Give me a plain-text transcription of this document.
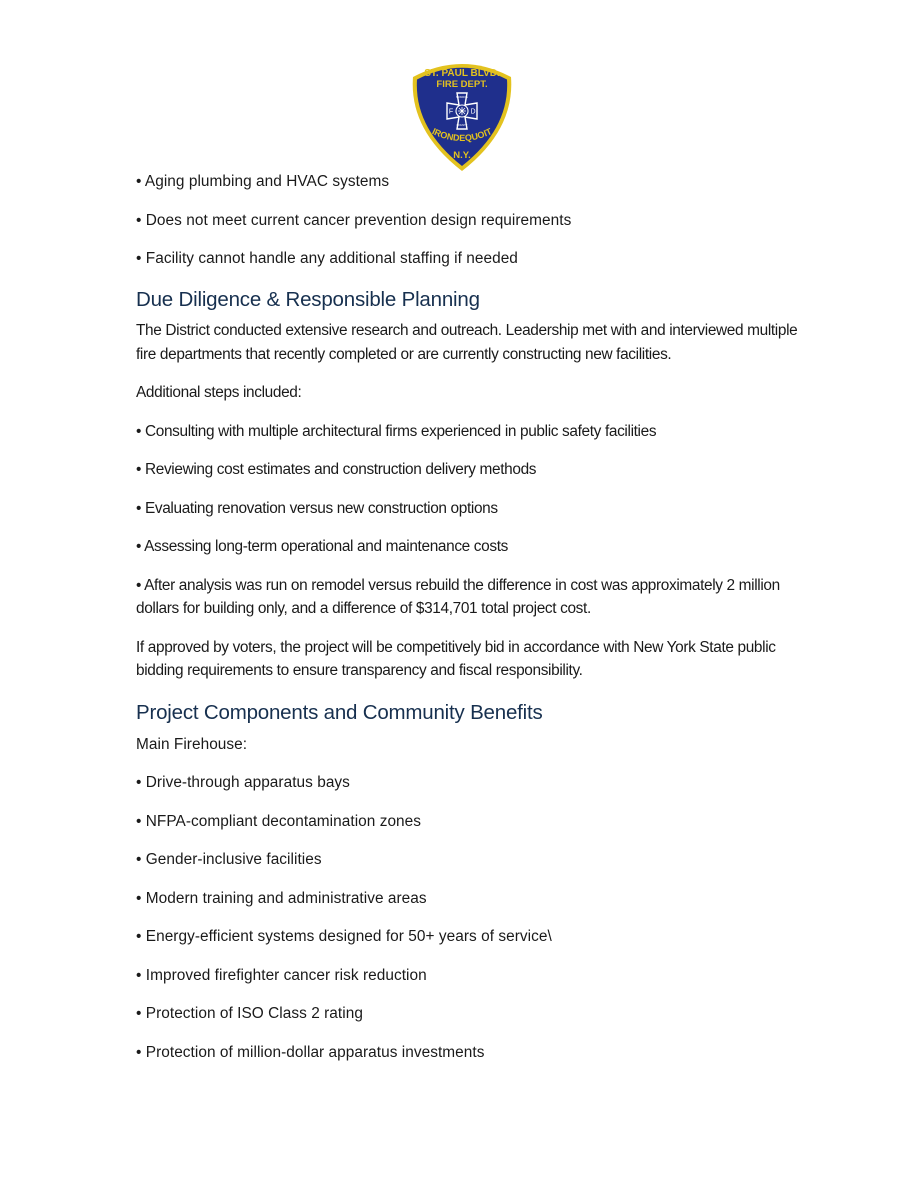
ST. PAUL BLVD.
FIRE DEPT.
F D
MONROE
COUNTY
IRONDEQUOIT
N.Y.

• Aging plumbing and HVAC systems

• Does not meet current cancer prevention design requirements

• Facility cannot handle any additional staffing if needed

Due Diligence & Responsible Planning

The District conducted extensive research and outreach. Leadership met with and interviewed multiple fire departments that recently completed or are currently constructing new facilities.

Additional steps included:

• Consulting with multiple architectural firms experienced in public safety facilities

• Reviewing cost estimates and construction delivery methods

• Evaluating renovation versus new construction options

• Assessing long-term operational and maintenance costs

• After analysis was run on remodel versus rebuild the difference in cost was approximately 2 million dollars for building only, and a difference of $314,701 total project cost.

If approved by voters, the project will be competitively bid in accordance with New York State public bidding requirements to ensure transparency and fiscal responsibility.

Project Components and Community Benefits

Main Firehouse:

• Drive-through apparatus bays

• NFPA-compliant decontamination zones

• Gender-inclusive facilities

• Modern training and administrative areas

• Energy-efficient systems designed for 50+ years of service\

• Improved firefighter cancer risk reduction

• Protection of ISO Class 2 rating

• Protection of million-dollar apparatus investments
